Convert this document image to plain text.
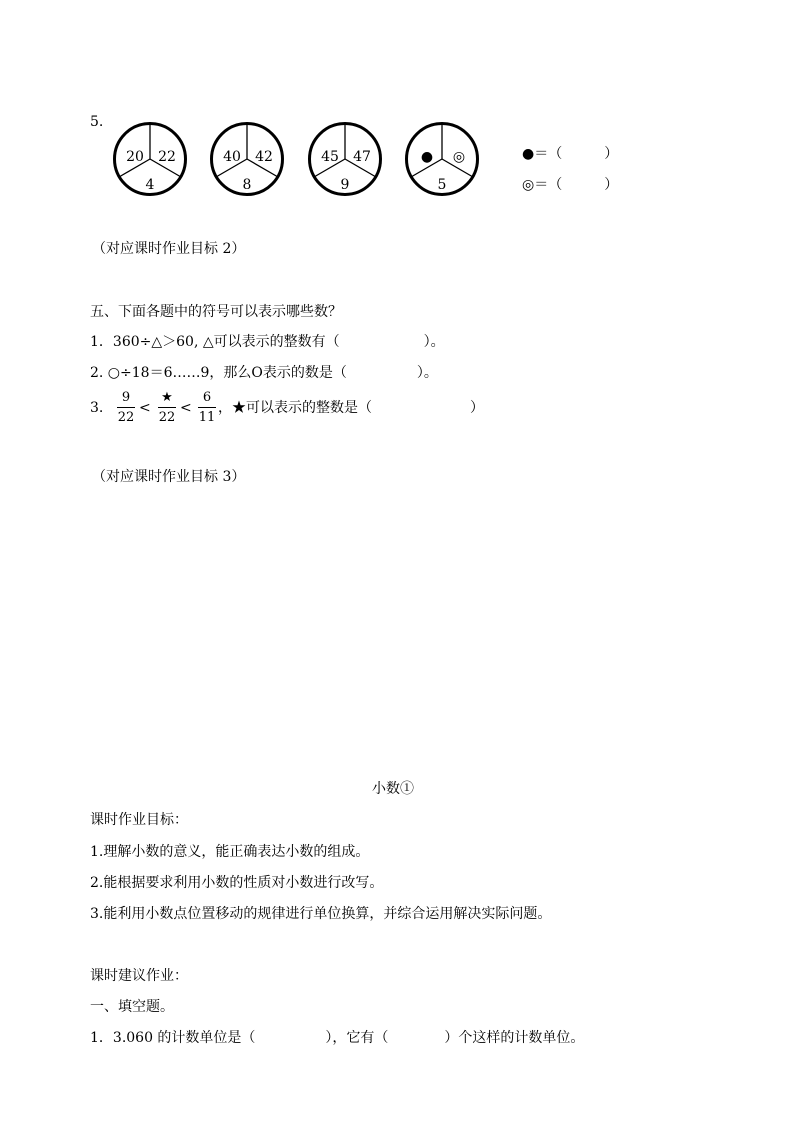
5.
20 22
4
40 42
8
45 47
9
●	◎
5
●＝（　　　）
◎＝（　　　）
（对应课时作业目标 2）
五、下面各题中的符号可以表示哪些数？
1．360÷△＞60, △可以表示的整数有（　　　　　　）。
2. ○÷18＝6……9，那么O表示的数是（　　　　　）。
3.
9
22
<
★
22
<
6
11
，★可以表示的整数是（　　　　　　　）
（对应课时作业目标 3）
小数①
课时作业目标：
1.理解小数的意义，能正确表达小数的组成。
2.能根据要求利用小数的性质对小数进行改写。
3.能利用小数点位置移动的规律进行单位换算，并综合运用解决实际问题。
课时建议作业：
一、填空题。
1．3.060 的计数单位是（　　　　　），它有（　　　　）个这样的计数单位。
